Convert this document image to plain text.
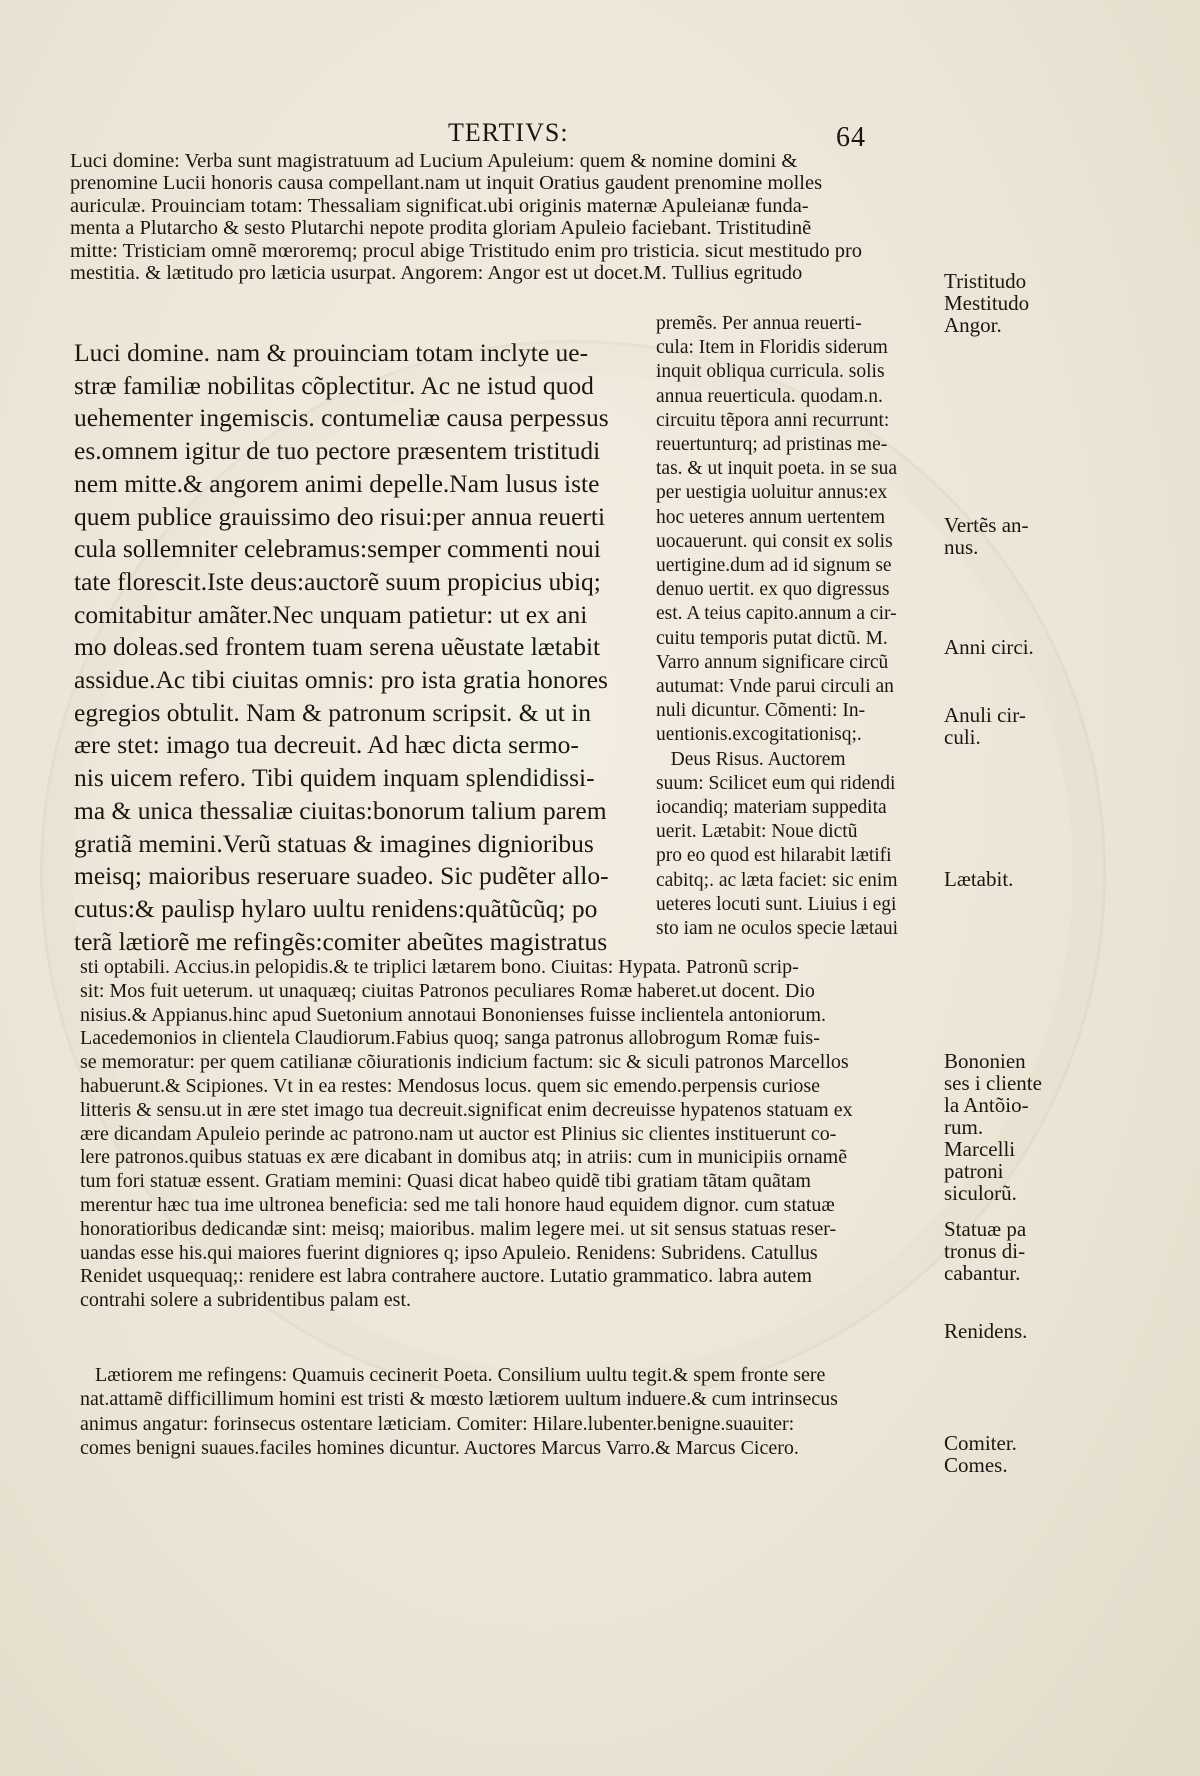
TERTIVS:	64
Luci domine: Verba sunt magistratuum ad Lucium Apuleium: quem & nomine domini &
prenomine Lucii honoris causa compellant.nam ut inquit Oratius gaudent prenomine molles
auriculæ. Prouinciam totam: Thessaliam significat.ubi originis maternæ Apuleianæ funda-
menta a Plutarcho & sesto Plutarchi nepote prodita gloriam Apuleio faciebant. Tristitudinẽ
mitte: Tristiciam omnẽ mœroremq; procul abige Tristitudo enim pro tristicia. sicut mestitudo pro
mestitia. & lætitudo pro læticia usurpat. Angorem: Angor est ut docet.M. Tullius egritudo
Luci domine. nam & prouinciam totam inclyte ue-
stræ familiæ nobilitas cõplectitur. Ac ne istud quod
uehementer ingemiscis. contumeliæ causa perpessus
es.omnem igitur de tuo pectore præsentem tristitudi
nem mitte.& angorem animi depelle.Nam lusus iste
quem publice grauissimo deo risui:per annua reuerti
cula sollemniter celebramus:semper commenti noui
tate florescit.Iste deus:auctorẽ suum propicius ubiq;
comitabitur amãter.Nec unquam patietur: ut ex ani
mo doleas.sed frontem tuam serena uẽustate lætabit
assidue.Ac tibi ciuitas omnis: pro ista gratia honores
egregios obtulit. Nam & patronum scripsit. & ut in
ære stet: imago tua decreuit. Ad hæc dicta sermo-
nis uicem refero. Tibi quidem inquam splendidissi-
ma & unica thessaliæ ciuitas:bonorum talium parem
gratiã memini.Verũ statuas & imagines dignioribus
meisq; maioribus reseruare suadeo. Sic pudẽter allo-
cutus:& paulisp hylaro uultu renidens:quãtũcũq; po
terã lætiorẽ me refingẽs:comiter abeũtes magistratus
premẽs. Per annua reuerti-
cula: Item in Floridis siderum
inquit obliqua curricula. solis
annua reuerticula. quodam.n.
circuitu tẽpora anni recurrunt:
reuertunturq; ad pristinas me-
tas. & ut inquit poeta. in se sua
per uestigia uoluitur annus:ex
hoc ueteres annum uertentem
uocauerunt. qui consit ex solis
uertigine.dum ad id signum se
denuo uertit. ex quo digressus
est. A teius capito.annum a cir-
cuitu temporis putat dictũ. M.
Varro annum significare circũ
autumat: Vnde parui circuli an
nuli dicuntur. Cõmenti: In-
uentionis.excogitationisq;.
Deus Risus. Auctorem
suum: Scilicet eum qui ridendi
iocandiq; materiam suppedita
uerit. Lætabit: Noue dictũ
pro eo quod est hilarabit lætifi
cabitq;. ac læta faciet: sic enim
ueteres locuti sunt. Liuius i egi
sto iam ne oculos specie lætaui
sti optabili. Accius.in pelopidis.& te triplici lætarem bono. Ciuitas: Hypata. Patronũ scrip-
sit: Mos fuit ueterum. ut unaquæq; ciuitas Patronos peculiares Romæ haberet.ut docent. Dio
nisius.& Appianus.hinc apud Suetonium annotaui Bononienses fuisse inclientela antoniorum.
Lacedemonios in clientela Claudiorum.Fabius quoq; sanga patronus allobrogum Romæ fuis-
se memoratur: per quem catilianæ cõiurationis indicium factum: sic & siculi patronos Marcellos
habuerunt.& Scipiones. Vt in ea restes: Mendosus locus. quem sic emendo.perpensis curiose
litteris & sensu.ut in ære stet imago tua decreuit.significat enim decreuisse hypatenos statuam ex
ære dicandam Apuleio perinde ac patrono.nam ut auctor est Plinius sic clientes instituerunt co-
lere patronos.quibus statuas ex ære dicabant in domibus atq; in atriis: cum in municipiis ornamẽ
tum fori statuæ essent. Gratiam memini: Quasi dicat habeo quidẽ tibi gratiam tãtam quãtam
merentur hæc tua ime ultronea beneficia: sed me tali honore haud equidem dignor. cum statuæ
honoratioribus dedicandæ sint: meisq; maioribus. malim legere mei. ut sit sensus statuas reser-
uandas esse his.qui maiores fuerint digniores q; ipso Apuleio. Renidens: Subridens. Catullus
Renidet usquequaq;: renidere est labra contrahere auctore. Lutatio grammatico. labra autem
contrahi solere a subridentibus palam est.
Lætiorem me refingens: Quamuis cecinerit Poeta. Consilium uultu tegit.& spem fronte sere
nat.attamẽ difficillimum homini est tristi & mœsto lætiorem uultum induere.& cum intrinsecus
animus angatur: forinsecus ostentare læticiam. Comiter: Hilare.lubenter.benigne.suauiter:
comes benigni suaues.faciles homines dicuntur. Auctores Marcus Varro.& Marcus Cicero.
Tristitudo
Mestitudo
Angor.
Vertẽs an-
nus.
Anni circi.
Anuli cir-
culi.
Lætabit.
Bononien
ses i cliente
la Antõio-
rum.
Marcelli
patroni
siculorũ.
Statuæ pa
tronus di-
cabantur.
Renidens.
Comiter.
Comes.
